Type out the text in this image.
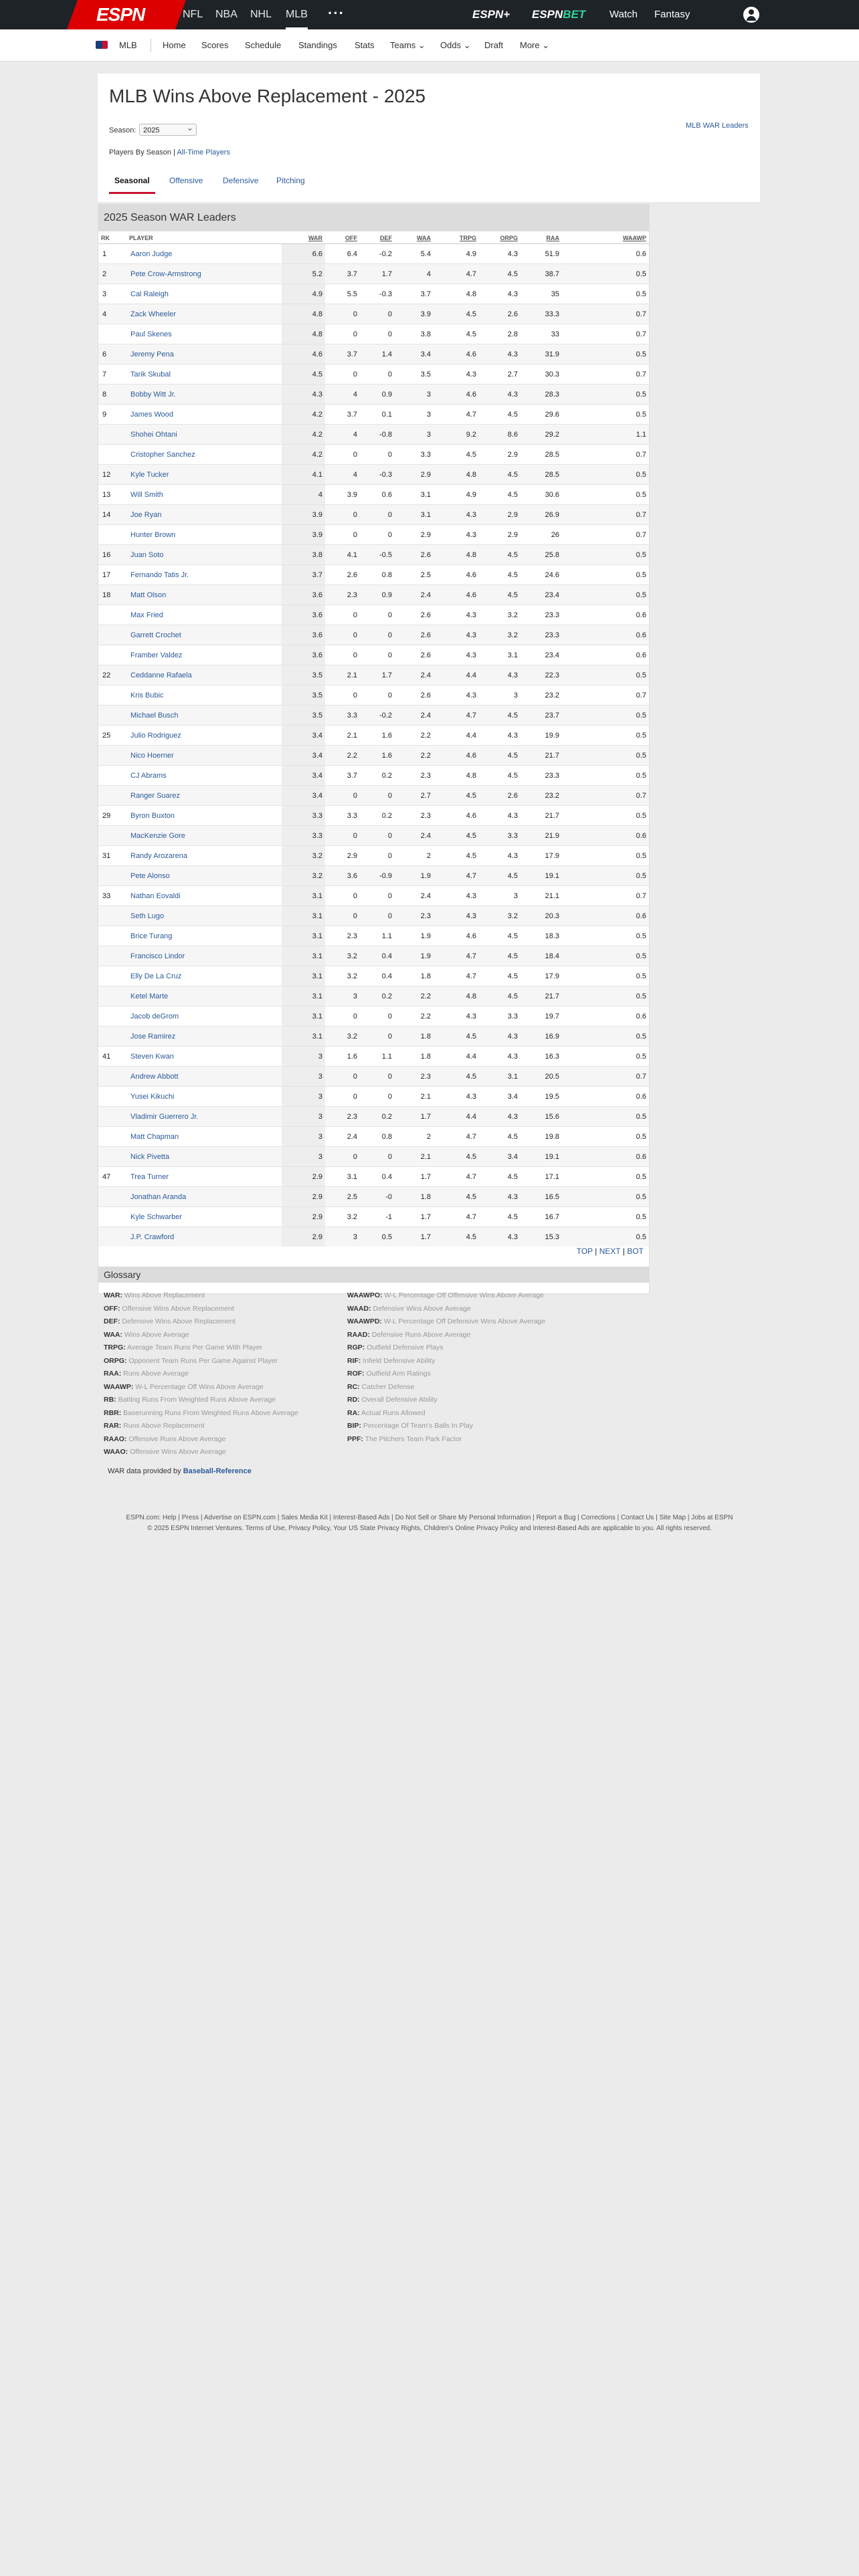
ESPN	NFL NBA NHL MLB ···	ESPN+ ESPNBET Watch Fantasy
MLB	Home Scores Schedule Standings Stats Teams ⌄ Odds ⌄ Draft More ⌄
MLB Wins Above Replacement - 2025
Season: 2025 ⌄
MLB WAR Leaders
Players By Season | All-Time Players
Seasonal	Offensive Defensive Pitching
2025 Season WAR Leaders
RK	PLAYER	WAR	OFF	DEF	WAA	TRPG	ORPG	RAA	WAAWP
1	Aaron Judge	6.6	6.4	-0.2	5.4	4.9	4.3	51.9	0.6
2	Pete Crow-Armstrong	5.2	3.7	1.7	4	4.7	4.5	38.7	0.5
3	Cal Raleigh	4.9	5.5	-0.3	3.7	4.8	4.3	35	0.5
4	Zack Wheeler	4.8	0	0	3.9	4.5	2.6	33.3	0.7
	Paul Skenes	4.8	0	0	3.8	4.5	2.8	33	0.7
6	Jeremy Pena	4.6	3.7	1.4	3.4	4.6	4.3	31.9	0.5
7	Tarik Skubal	4.5	0	0	3.5	4.3	2.7	30.3	0.7
8	Bobby Witt Jr.	4.3	4	0.9	3	4.6	4.3	28.3	0.5
9	James Wood	4.2	3.7	0.1	3	4.7	4.5	29.6	0.5
	Shohei Ohtani	4.2	4	-0.8	3	9.2	8.6	29.2	1.1
	Cristopher Sanchez	4.2	0	0	3.3	4.5	2.9	28.5	0.7
12	Kyle Tucker	4.1	4	-0.3	2.9	4.8	4.5	28.5	0.5
13	Will Smith	4	3.9	0.6	3.1	4.9	4.5	30.6	0.5
14	Joe Ryan	3.9	0	0	3.1	4.3	2.9	26.9	0.7
	Hunter Brown	3.9	0	0	2.9	4.3	2.9	26	0.7
16	Juan Soto	3.8	4.1	-0.5	2.6	4.8	4.5	25.8	0.5
17	Fernando Tatis Jr.	3.7	2.6	0.8	2.5	4.6	4.5	24.6	0.5
18	Matt Olson	3.6	2.3	0.9	2.4	4.6	4.5	23.4	0.5
	Max Fried	3.6	0	0	2.6	4.3	3.2	23.3	0.6
	Garrett Crochet	3.6	0	0	2.6	4.3	3.2	23.3	0.6
	Framber Valdez	3.6	0	0	2.6	4.3	3.1	23.4	0.6
22	Ceddanne Rafaela	3.5	2.1	1.7	2.4	4.4	4.3	22.3	0.5
	Kris Bubic	3.5	0	0	2.6	4.3	3	23.2	0.7
	Michael Busch	3.5	3.3	-0.2	2.4	4.7	4.5	23.7	0.5
25	Julio Rodriguez	3.4	2.1	1.6	2.2	4.4	4.3	19.9	0.5
	Nico Hoerner	3.4	2.2	1.6	2.2	4.6	4.5	21.7	0.5
	CJ Abrams	3.4	3.7	0.2	2.3	4.8	4.5	23.3	0.5
	Ranger Suarez	3.4	0	0	2.7	4.5	2.6	23.2	0.7
29	Byron Buxton	3.3	3.3	0.2	2.3	4.6	4.3	21.7	0.5
	MacKenzie Gore	3.3	0	0	2.4	4.5	3.3	21.9	0.6
31	Randy Arozarena	3.2	2.9	0	2	4.5	4.3	17.9	0.5
	Pete Alonso	3.2	3.6	-0.9	1.9	4.7	4.5	19.1	0.5
33	Nathan Eovaldi	3.1	0	0	2.4	4.3	3	21.1	0.7
	Seth Lugo	3.1	0	0	2.3	4.3	3.2	20.3	0.6
	Brice Turang	3.1	2.3	1.1	1.9	4.6	4.5	18.3	0.5
	Francisco Lindor	3.1	3.2	0.4	1.9	4.7	4.5	18.4	0.5
	Elly De La Cruz	3.1	3.2	0.4	1.8	4.7	4.5	17.9	0.5
	Ketel Marte	3.1	3	0.2	2.2	4.8	4.5	21.7	0.5
	Jacob deGrom	3.1	0	0	2.2	4.3	3.3	19.7	0.6
	Jose Ramirez	3.1	3.2	0	1.8	4.5	4.3	16.9	0.5
41	Steven Kwan	3	1.6	1.1	1.8	4.4	4.3	16.3	0.5
	Andrew Abbott	3	0	0	2.3	4.5	3.1	20.5	0.7
	Yusei Kikuchi	3	0	0	2.1	4.3	3.4	19.5	0.6
	Vladimir Guerrero Jr.	3	2.3	0.2	1.7	4.4	4.3	15.6	0.5
	Matt Chapman	3	2.4	0.8	2	4.7	4.5	19.8	0.5
	Nick Pivetta	3	0	0	2.1	4.5	3.4	19.1	0.6
47	Trea Turner	2.9	3.1	0.4	1.7	4.7	4.5	17.1	0.5
	Jonathan Aranda	2.9	2.5	-0	1.8	4.5	4.3	16.5	0.5
	Kyle Schwarber	2.9	3.2	-1	1.7	4.7	4.5	16.7	0.5
	J.P. Crawford	2.9	3	0.5	1.7	4.5	4.3	15.3	0.5
TOP | NEXT | BOT
Glossary
WAR: Wins Above Replacement
OFF: Offensive Wins Above Replacement
DEF: Defensive Wins Above Replacement
WAA: Wins Above Average
TRPG: Average Team Runs Per Game With Player
ORPG: Opponent Team Runs Per Game Against Player
RAA: Runs Above Average
WAAWP: W-L Percentage Off Wins Above Average
RB: Batting Runs From Weighted Runs Above Average
RBR: Baserunning Runs From Weighted Runs Above Average
RAR: Runs Above Replacement
RAAO: Offensive Runs Above Average
WAAO: Offensive Wins Above Average
WAAWPO: W-L Percentage Off Offensive Wins Above Average
WAAD: Defensive Wins Above Average
WAAWPD: W-L Percentage Off Defensive Wins Above Average
RAAD: Defensive Runs Above Average
RGP: Outfield Defensive Plays
RIF: Infield Defensive Ability
ROF: Outfield Arm Ratings
RC: Catcher Defense
RD: Overall Defensive Ability
RA: Actual Runs Allowed
BIP: Percentage Of Team's Balls In Play
PPF: The Pitchers Team Park Factor
WAR data provided by Baseball-Reference
ESPN.com: Help | Press | Advertise on ESPN.com | Sales Media Kit | Interest-Based Ads | Do Not Sell or Share My Personal Information | Report a Bug | Corrections | Contact Us | Site Map | Jobs at ESPN
© 2025 ESPN Internet Ventures. Terms of Use, Privacy Policy, Your US State Privacy Rights, Children's Online Privacy Policy and Interest-Based Ads are applicable to you. All rights reserved.
